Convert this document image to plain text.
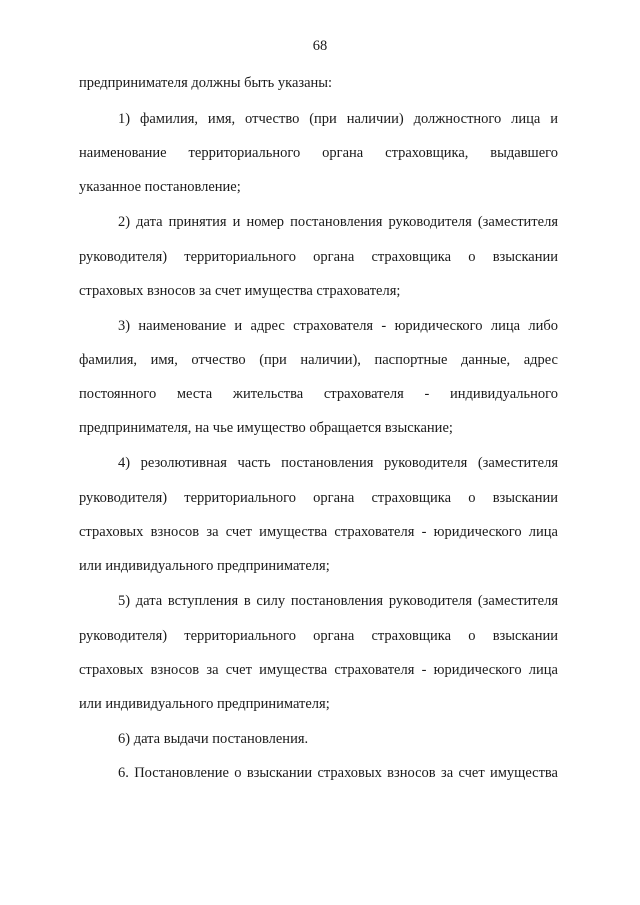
68

предпринимателя должны быть указаны:

1) фамилия, имя, отчество (при наличии) должностного лица и

наименование территориального органа страховщика, выдавшего

указанное постановление;

2) дата принятия и номер постановления руководителя (заместителя

руководителя) территориального органа страховщика о взыскании

страховых взносов за счет имущества страхователя;

3) наименование и адрес страхователя - юридического лица либо

фамилия, имя, отчество (при наличии), паспортные данные, адрес

постоянного места жительства страхователя - индивидуального

предпринимателя, на чье имущество обращается взыскание;

4) резолютивная часть постановления руководителя (заместителя

руководителя) территориального органа страховщика о взыскании

страховых взносов за счет имущества страхователя - юридического лица

или индивидуального предпринимателя;

5) дата вступления в силу постановления руководителя (заместителя

руководителя) территориального органа страховщика о взыскании

страховых взносов за счет имущества страхователя - юридического лица

или индивидуального предпринимателя;

6) дата выдачи постановления.

6. Постановление о взыскании страховых взносов за счет имущества
